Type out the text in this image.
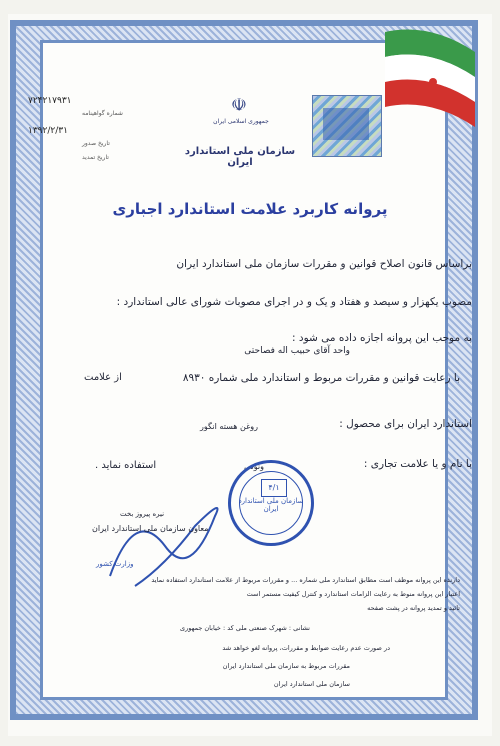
☫
جمهوری اسلامی ایران
سازمان ملی استاندارد ایران
۷۲۴۲۱۷۹۳۱
شماره گواهینامه
۱۳۹۲/۲/۳۱
تاریخ صدور
تاریخ تمدید
پروانه کاربرد علامت استاندارد اجباری
براساس قانون اصلاح قوانین و مقررات سازمان ملی استاندارد ایران
مصوب یکهزار و سیصد و هفتاد و یک و در اجرای مصوبات شورای عالی استاندارد :
به موجب این پروانه اجازه داده می شود :
واحد آقای حبیب اله فصاحتی
با رعایت قوانین و مقررات مربوط و استاندارد ملی شماره ۸۹۳۰
از علامت
استاندارد ایران برای محصول :
روغن هسته انگور
با نام و یا علامت تجاری :
ونوس
استفاده نماید .
نیره پیروز بخت
معاون سازمان ملی استاندارد ایران
وزارت کشور
۴/۱
سازمان ملی استاندارد ایران
دارنده این پروانه موظف است مطابق استاندارد ملی شماره ... و مقررات مربوط از علامت استاندارد استفاده نماید
اعتبار این پروانه منوط به رعایت الزامات استاندارد و کنترل کیفیت مستمر است
تائید و تمدید پروانه در پشت صفحه
نشانی : شهرک صنعتی ملی کد : خیابان جمهوری
در صورت عدم رعایت ضوابط و مقررات، پروانه لغو خواهد شد
مقررات مربوط به سازمان ملی استاندارد ایران
سازمان ملی استاندارد ایران
